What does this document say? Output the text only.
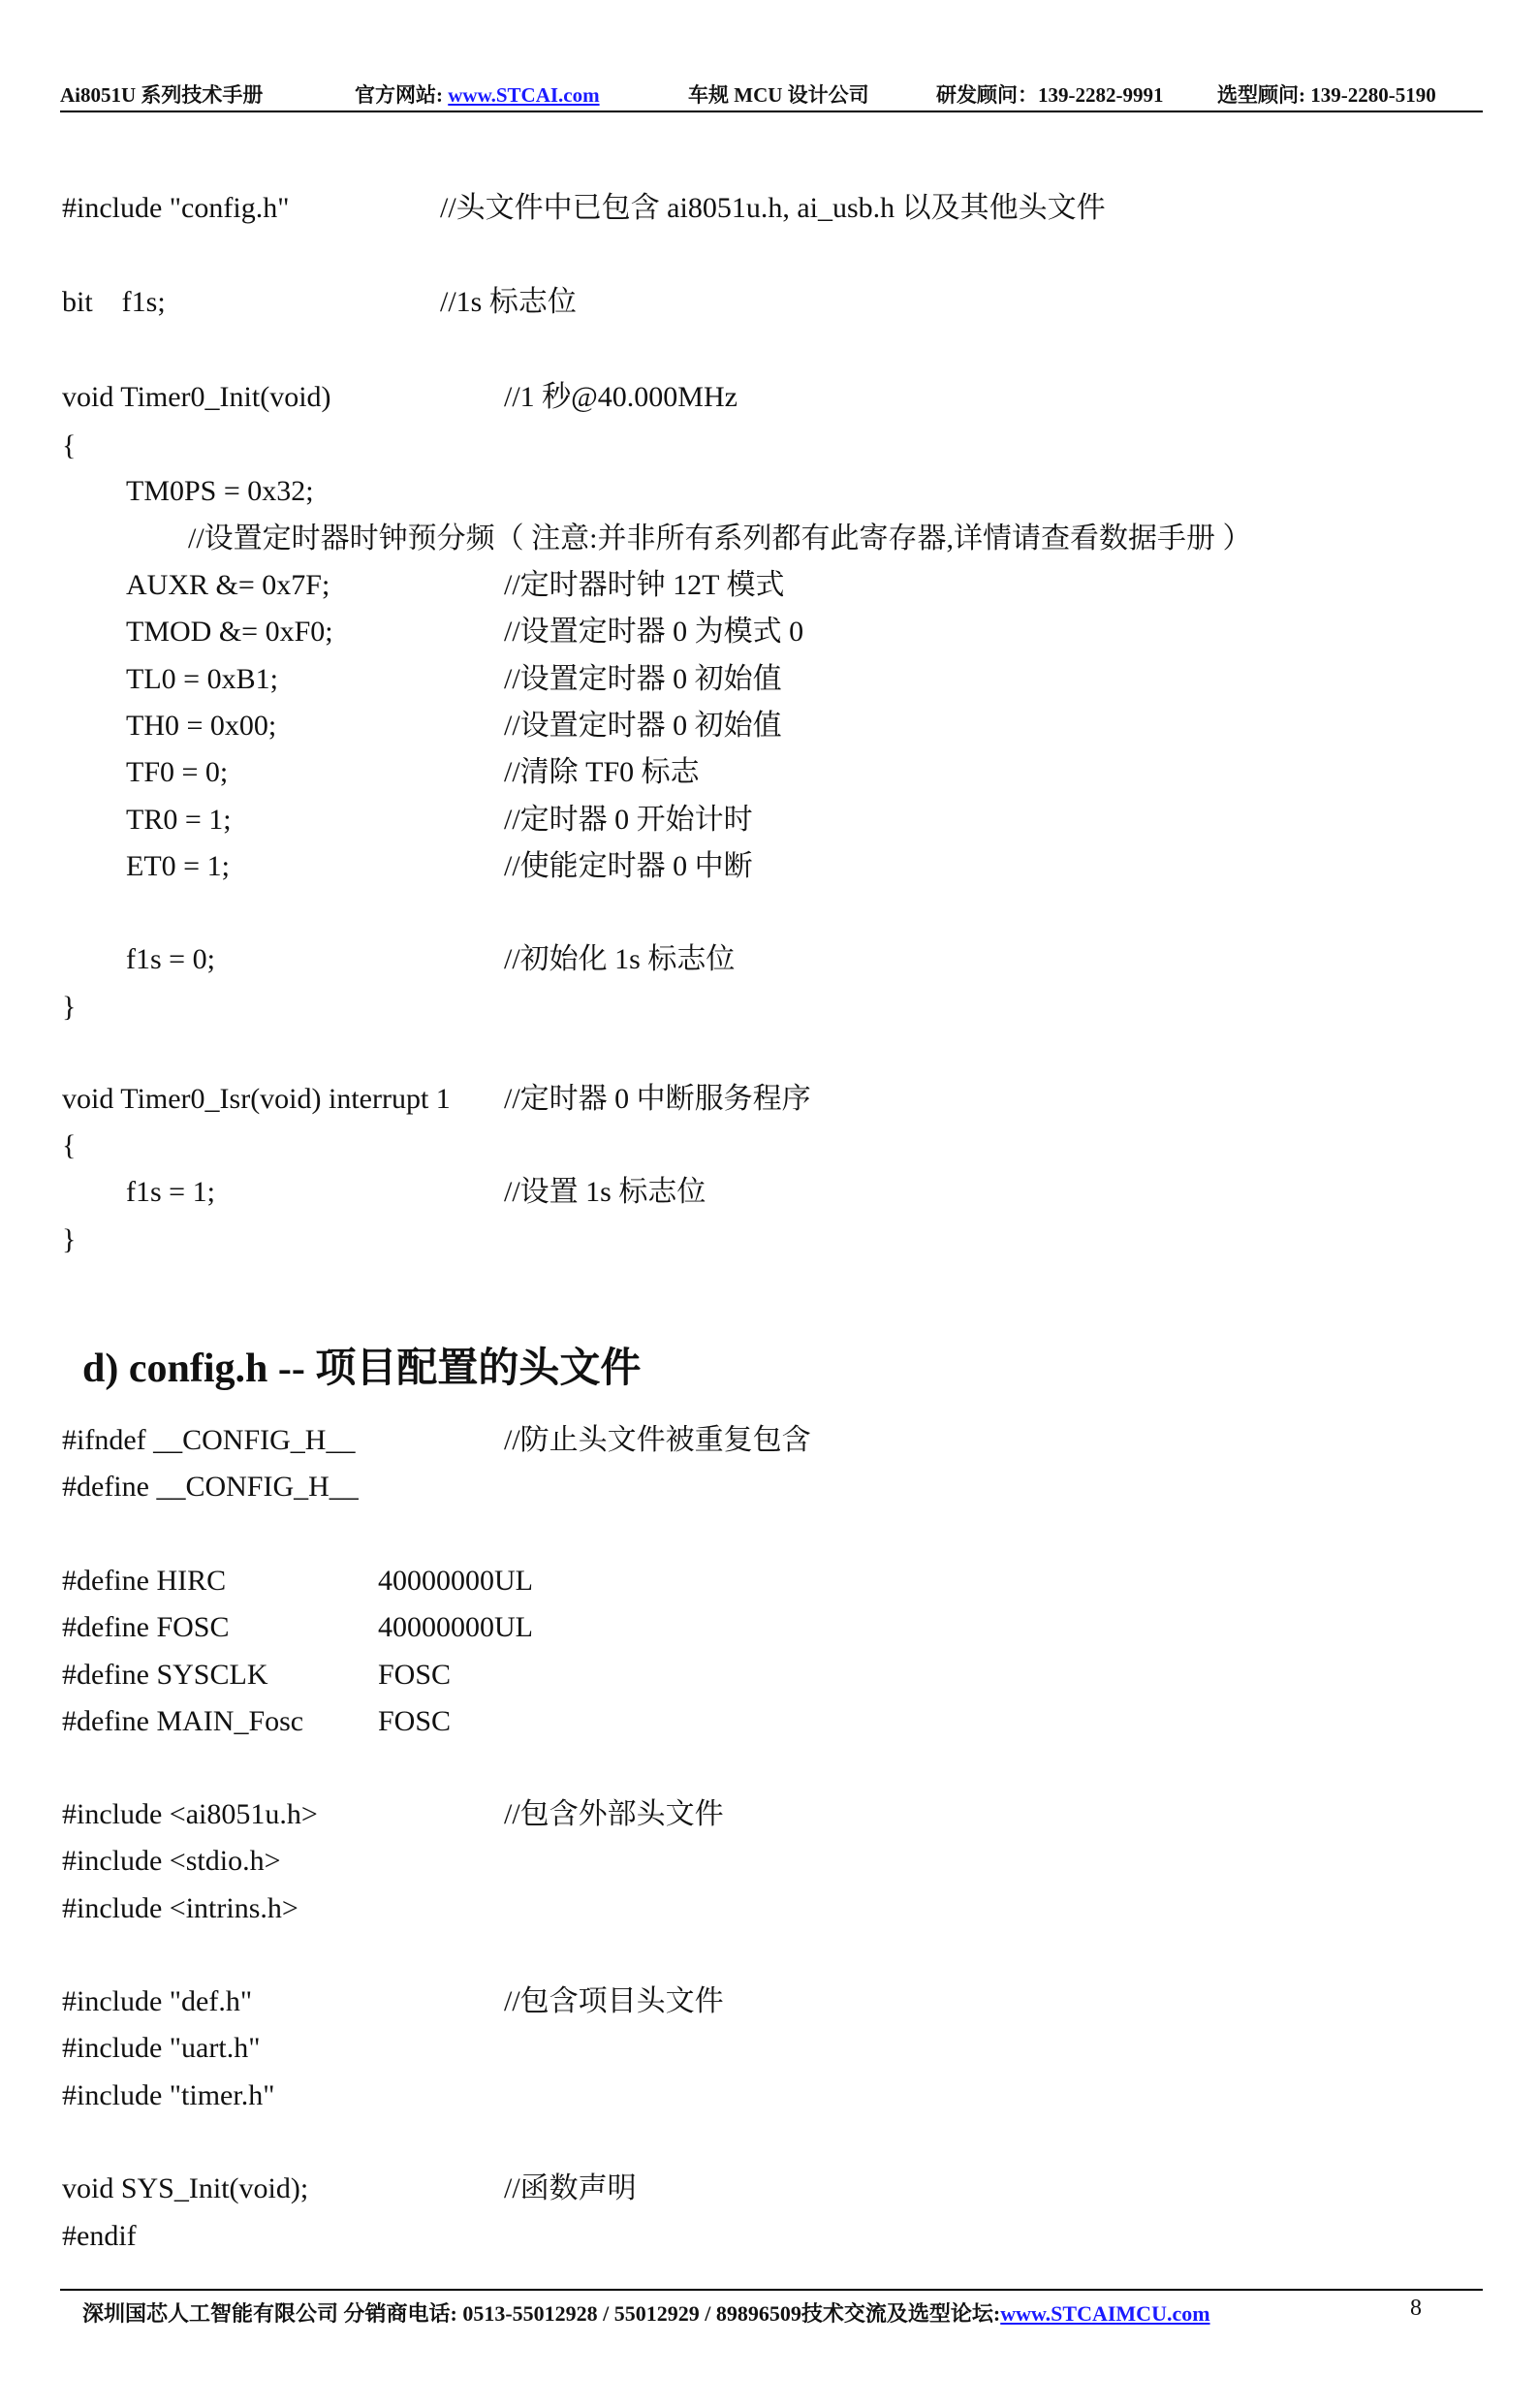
Ai8051U 系列技术手册	官方网站: www.STCAI.com	车规 MCU 设计公司	研发顾问：139-2282-9991	选型顾问: 139-2280-5190
#include "config.h"	//头文件中已包含 ai8051u.h, ai_usb.h 以及其他头文件
bit    f1s;	//1s 标志位
void Timer0_Init(void)	//1 秒@40.000MHz
{
TM0PS = 0x32;
//设置定时器时钟预分频（ 注意:并非所有系列都有此寄存器,详情请查看数据手册 ）
AUXR &= 0x7F;	//定时器时钟 12T 模式
TMOD &= 0xF0;	//设置定时器 0 为模式 0
TL0 = 0xB1;	//设置定时器 0 初始值
TH0 = 0x00;	//设置定时器 0 初始值
TF0 = 0;	//清除 TF0 标志
TR0 = 1;	//定时器 0 开始计时
ET0 = 1;	//使能定时器 0 中断
f1s = 0;	//初始化 1s 标志位
}
void Timer0_Isr(void) interrupt 1 //定时器 0 中断服务程序
{
f1s = 1;	//设置 1s 标志位
}
d) config.h -- 项目配置的头文件
#ifndef __CONFIG_H__	//防止头文件被重复包含
#define __CONFIG_H__
#define HIRC	40000000UL
#define FOSC	40000000UL
#define SYSCLK	FOSC
#define MAIN_Fosc	FOSC
#include <ai8051u.h>	//包含外部头文件
#include <stdio.h>
#include <intrins.h>
#include "def.h"	//包含项目头文件
#include "uart.h"
#include "timer.h"
void SYS_Init(void);	//函数声明
#endif
深圳国芯人工智能有限公司 分销商电话: 0513-55012928 / 55012929 / 89896509技术交流及选型论坛:www.STCAIMCU.com	8
